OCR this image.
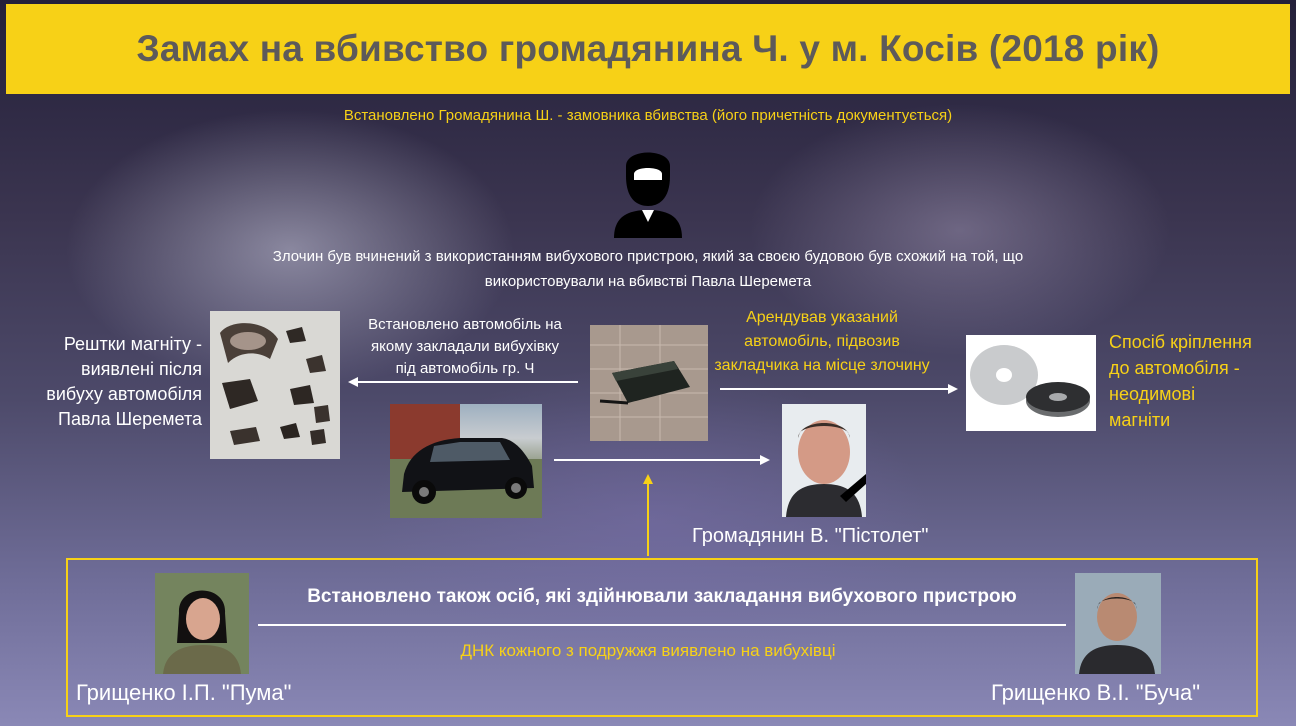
Замах на вбивство громадянина Ч. у м. Косів (2018 рік)
Встановлено Громадянина Ш. - замовника вбивства (його причетність документується)
Злочин був вчинений з використанням вибухового пристрою, який за своєю будовою був схожий на той, що
використовували на вбивстві Павла Шеремета
Рештки магніту -
виявлені після
вибуху автомобіля
Павла Шеремета
Встановлено автомобіль на
якому закладали вибухівку
під автомобіль гр. Ч
Арендував указаний
автомобіль, підвозив
закладчика на місце злочину
Громадянин В. "Пістолет"
Спосіб кріплення
до автомобіля -
неодимові
магніти
Встановлено також осіб, які здійнювали закладання вибухового пристрою
ДНК кожного з подружжя виявлено на вибухівці
Грищенко І.П. "Пума"	Грищенко В.І. "Буча"
